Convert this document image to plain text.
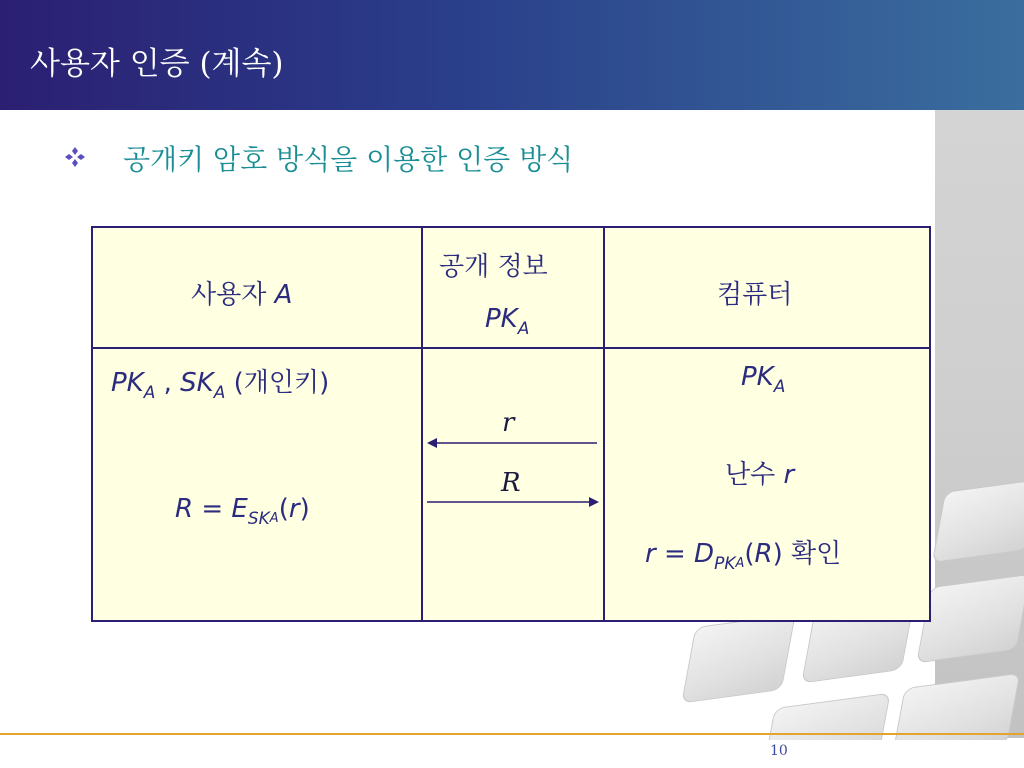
사용자 인증 (계속)
공개키 암호 방식을 이용한 인증 방식
사용자 A
공개 정보
$PK_A$
컴퓨터
$PK_A$ , $SK_A$ (개인키)
$R = E_{SK}A(r)$
r
R
$PK_A$
난수 r
$r = D_{PK}A(R)$ 확인
10
